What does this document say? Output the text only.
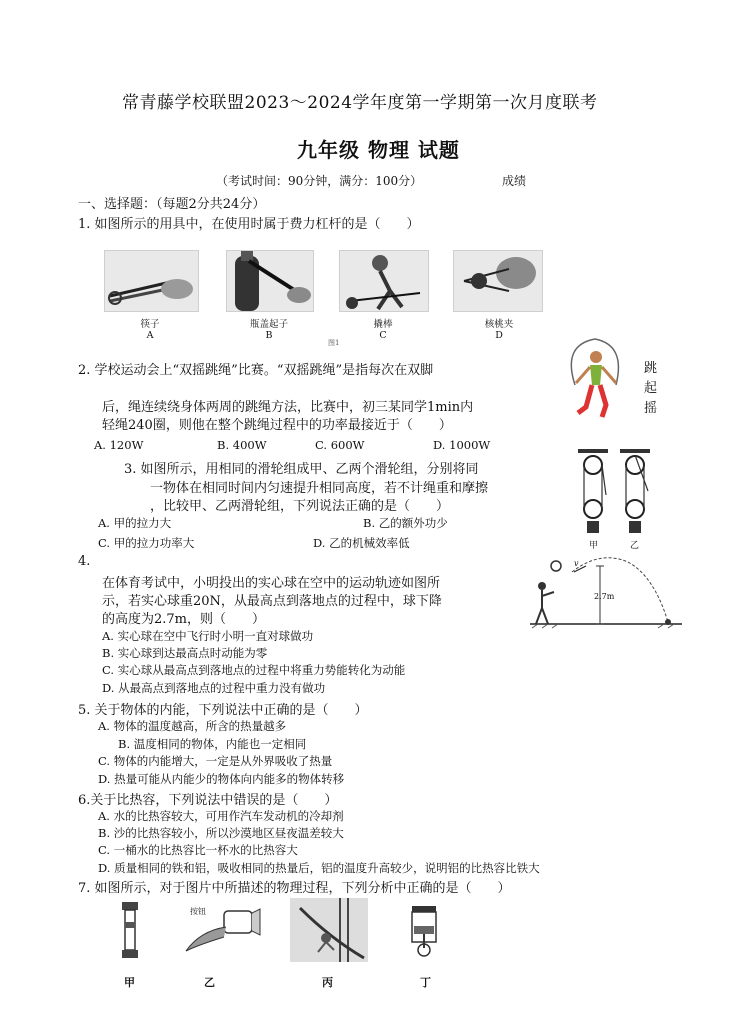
常青藤学校联盟2023～2024学年度第一学期第一次月度联考
九年级 物理 试题
（考试时间：90分钟，满分：100分）	成绩
一、选择题：（每题2分共24分）
1. 如图所示的用具中，在使用时属于费力杠杆的是（　　）
筷子
A
瓶盖起子
B
撬棒
C
核桃夹
D
图1
2. 学校运动会上“双摇跳绳”比赛。“双摇跳绳”是指每次在双脚
后，绳连续绕身体两周的跳绳方法，比赛中，初三某同学1min内
轻绳240圈，则他在整个跳绳过程中的功率最接近于（　　）
跳
起
摇
A. 120W	B. 400W	C. 600W	D. 1000W
3. 如图所示，用相同的滑轮组成甲、乙两个滑轮组，分别将同
一物体在相同时间内匀速提升相同高度，若不计绳重和摩擦
，比较甲、乙两滑轮组，下列说法正确的是（　　）
A. 甲的拉力大	B. 乙的额外功少
C. 甲的拉力功率大	D. 乙的机械效率低	甲	乙
4.
在体育考试中，小明投出的实心球在空中的运动轨迹如图所
示，若实心球重20N，从最高点到落地点的过程中，球下降
的高度为2.7m，则（　　）
A. 实心球在空中飞行时小明一直对球做功
B. 实心球到达最高点时动能为零
C. 实心球从最高点到落地点的过程中将重力势能转化为动能
D. 从最高点到落地点的过程中重力没有做功
2.7m
v
5. 关于物体的内能，下列说法中正确的是（　　）
A. 物体的温度越高，所含的热量越多
B. 温度相同的物体，内能也一定相同
C. 物体的内能增大，一定是从外界吸收了热量
D. 热量可能从内能少的物体向内能多的物体转移
6.关于比热容，下列说法中错误的是（　　）
A. 水的比热容较大，可用作汽车发动机的冷却剂
B. 沙的比热容较小，所以沙漠地区昼夜温差较大
C. 一桶水的比热容比一杯水的比热容大
D. 质量相同的铁和铝，吸收相同的热量后，铝的温度升高较少，说明铝的比热容比铁大
7. 如图所示，对于图片中所描述的物理过程，下列分析中正确的是（　　）
按钮
甲	乙	丙	丁
